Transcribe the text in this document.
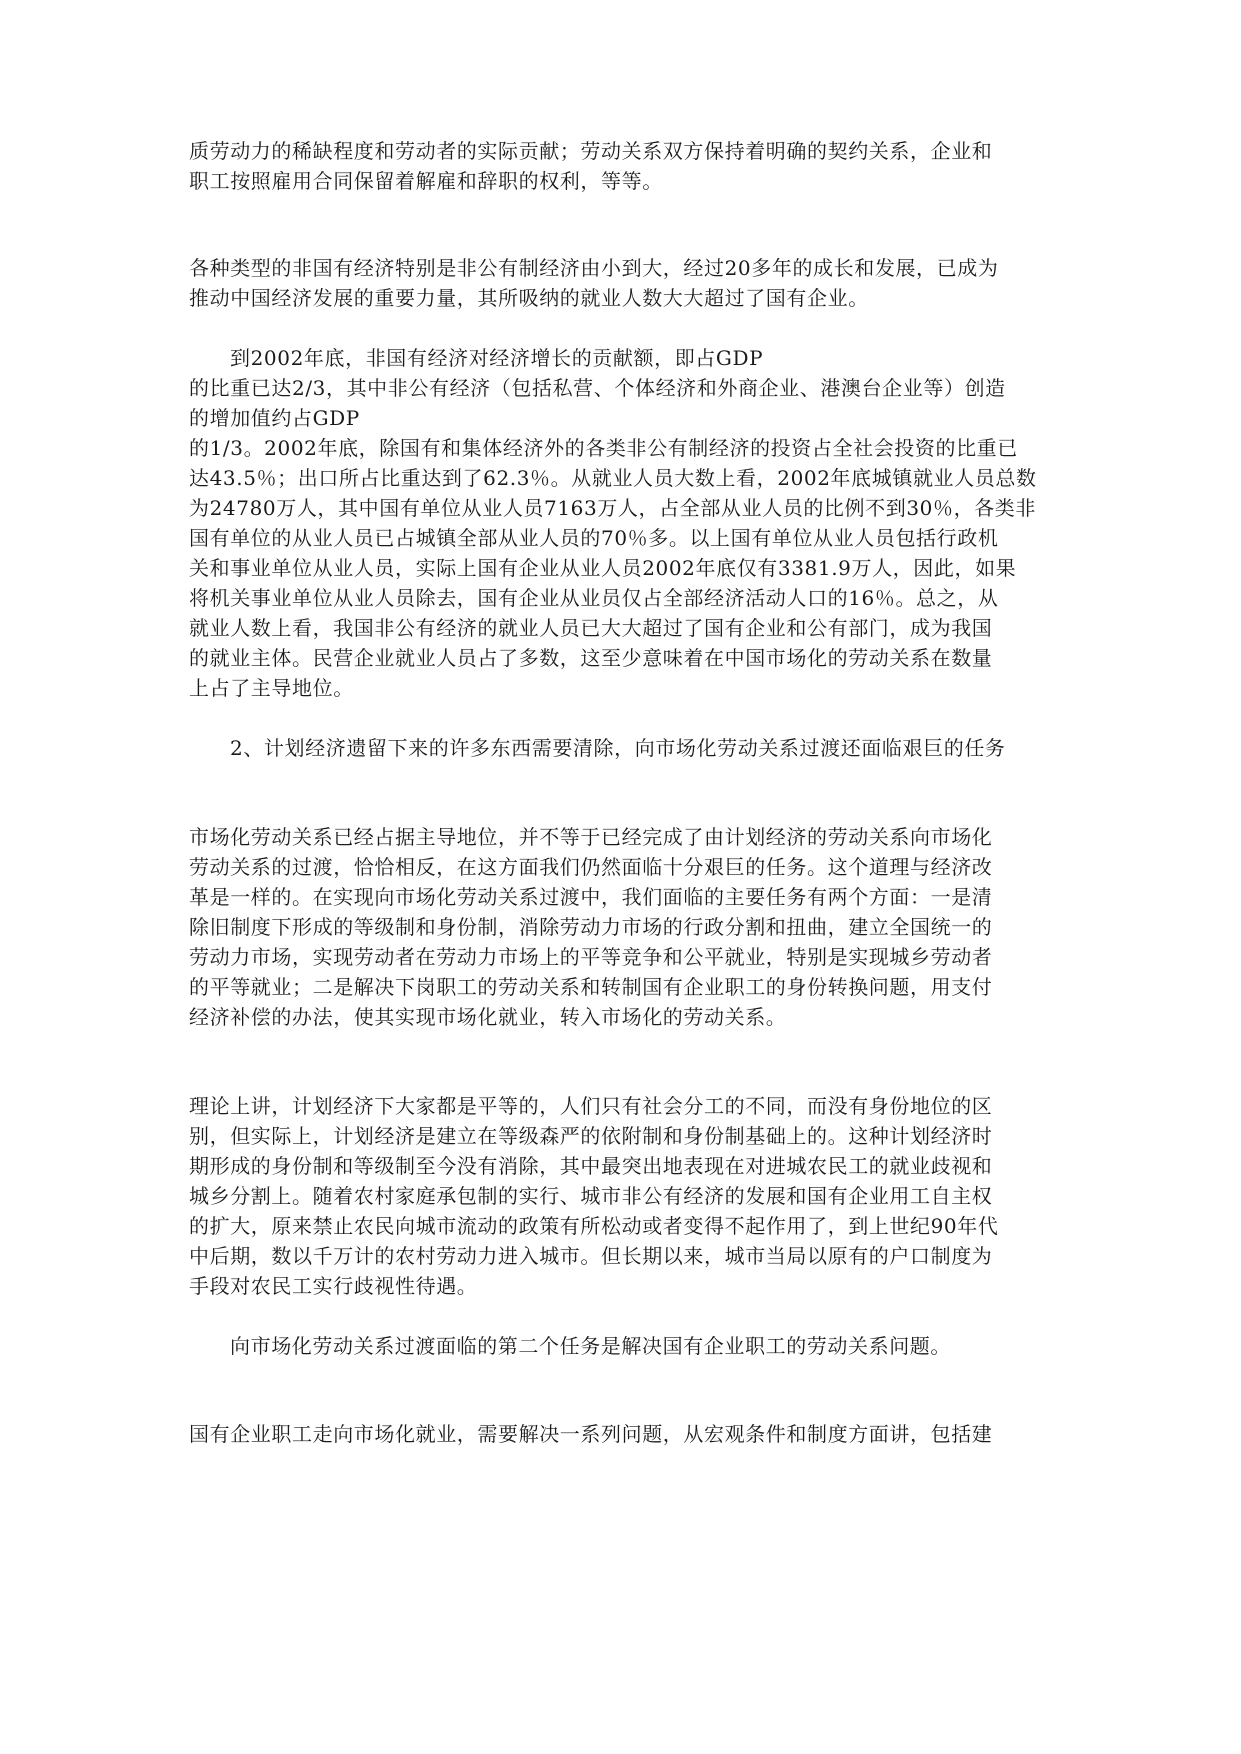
质劳动力的稀缺程度和劳动者的实际贡献；劳动关系双方保持着明确的契约关系，企业和
职工按照雇用合同保留着解雇和辞职的权利，等等。
各种类型的非国有经济特别是非公有制经济由小到大，经过20多年的成长和发展，已成为
推动中国经济发展的重要力量，其所吸纳的就业人数大大超过了国有企业。
到2002年底，非国有经济对经济增长的贡献额，即占GDP
的比重已达2/3，其中非公有经济（包括私营、个体经济和外商企业、港澳台企业等）创造
的增加值约占GDP
的1/3。2002年底，除国有和集体经济外的各类非公有制经济的投资占全社会投资的比重已
达43.5％；出口所占比重达到了62.3％。从就业人员大数上看，2002年底城镇就业人员总数
为24780万人，其中国有单位从业人员7163万人，占全部从业人员的比例不到30％，各类非
国有单位的从业人员已占城镇全部从业人员的70％多。以上国有单位从业人员包括行政机
关和事业单位从业人员，实际上国有企业从业人员2002年底仅有3381.9万人，因此，如果
将机关事业单位从业人员除去，国有企业从业员仅占全部经济活动人口的16％。总之，从
就业人数上看，我国非公有经济的就业人员已大大超过了国有企业和公有部门，成为我国
的就业主体。民营企业就业人员占了多数，这至少意味着在中国市场化的劳动关系在数量
上占了主导地位。
2、计划经济遗留下来的许多东西需要清除，向市场化劳动关系过渡还面临艰巨的任务
市场化劳动关系已经占据主导地位，并不等于已经完成了由计划经济的劳动关系向市场化
劳动关系的过渡，恰恰相反，在这方面我们仍然面临十分艰巨的任务。这个道理与经济改
革是一样的。在实现向市场化劳动关系过渡中，我们面临的主要任务有两个方面：一是清
除旧制度下形成的等级制和身份制，消除劳动力市场的行政分割和扭曲，建立全国统一的
劳动力市场，实现劳动者在劳动力市场上的平等竞争和公平就业，特别是实现城乡劳动者
的平等就业；二是解决下岗职工的劳动关系和转制国有企业职工的身份转换问题，用支付
经济补偿的办法，使其实现市场化就业，转入市场化的劳动关系。
理论上讲，计划经济下大家都是平等的，人们只有社会分工的不同，而没有身份地位的区
别，但实际上，计划经济是建立在等级森严的依附制和身份制基础上的。这种计划经济时
期形成的身份制和等级制至今没有消除，其中最突出地表现在对进城农民工的就业歧视和
城乡分割上。随着农村家庭承包制的实行、城市非公有经济的发展和国有企业用工自主权
的扩大，原来禁止农民向城市流动的政策有所松动或者变得不起作用了，到上世纪90年代
中后期，数以千万计的农村劳动力进入城市。但长期以来，城市当局以原有的户口制度为
手段对农民工实行歧视性待遇。
向市场化劳动关系过渡面临的第二个任务是解决国有企业职工的劳动关系问题。
国有企业职工走向市场化就业，需要解决一系列问题，从宏观条件和制度方面讲，包括建
